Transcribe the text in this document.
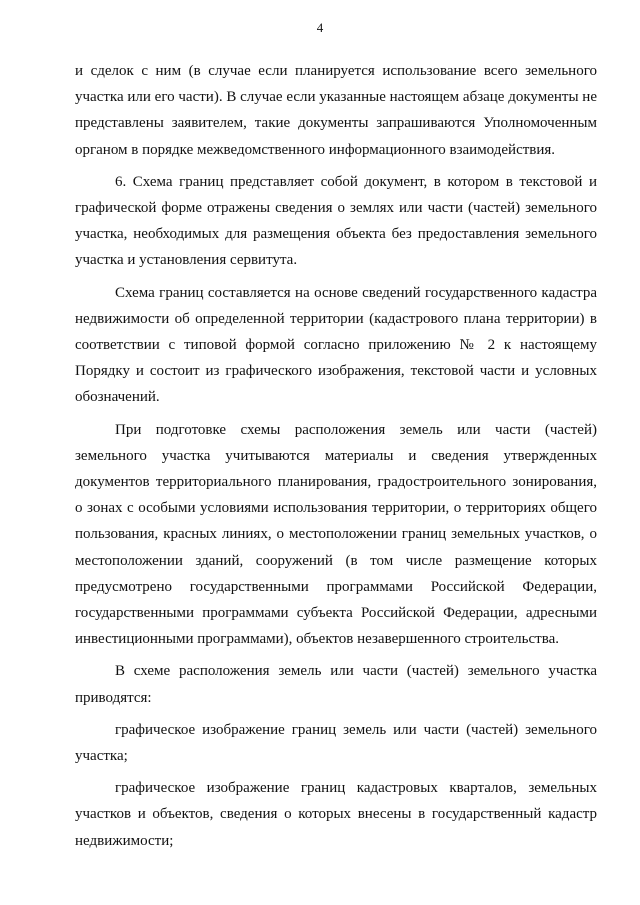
4

и сделок с ним (в случае если планируется использование всего земельного участка или его части). В случае если указанные настоящем абзаце документы не представлены заявителем, такие документы запрашиваются Уполномоченным органом в порядке межведомственного информационного взаимодействия.

6. Схема границ представляет собой документ, в котором в текстовой и графической форме отражены сведения о землях или части (частей) земельного участка, необходимых для размещения объекта без предоставления земельного участка и установления сервитута.

Схема границ составляется на основе сведений государственного кадастра недвижимости об определенной территории (кадастрового плана территории) в соответствии с типовой формой согласно приложению № 2 к настоящему Порядку и состоит из графического изображения, текстовой части и условных обозначений.

При подготовке схемы расположения земель или части (частей) земельного участка учитываются материалы и сведения утвержденных документов территориального планирования, градостроительного зонирования, о зонах с особыми условиями использования территории, о территориях общего пользования, красных линиях, о местоположении границ земельных участков, о местоположении зданий, сооружений (в том числе размещение которых предусмотрено государственными программами Российской Федерации, государственными программами субъекта Российской Федерации, адресными инвестиционными программами), объектов незавершенного строительства.

В схеме расположения земель или части (частей) земельного участка приводятся:

графическое изображение границ земель или части (частей) земельного участка;

графическое изображение границ кадастровых кварталов, земельных участков и объектов, сведения о которых внесены в государственный кадастр недвижимости;
